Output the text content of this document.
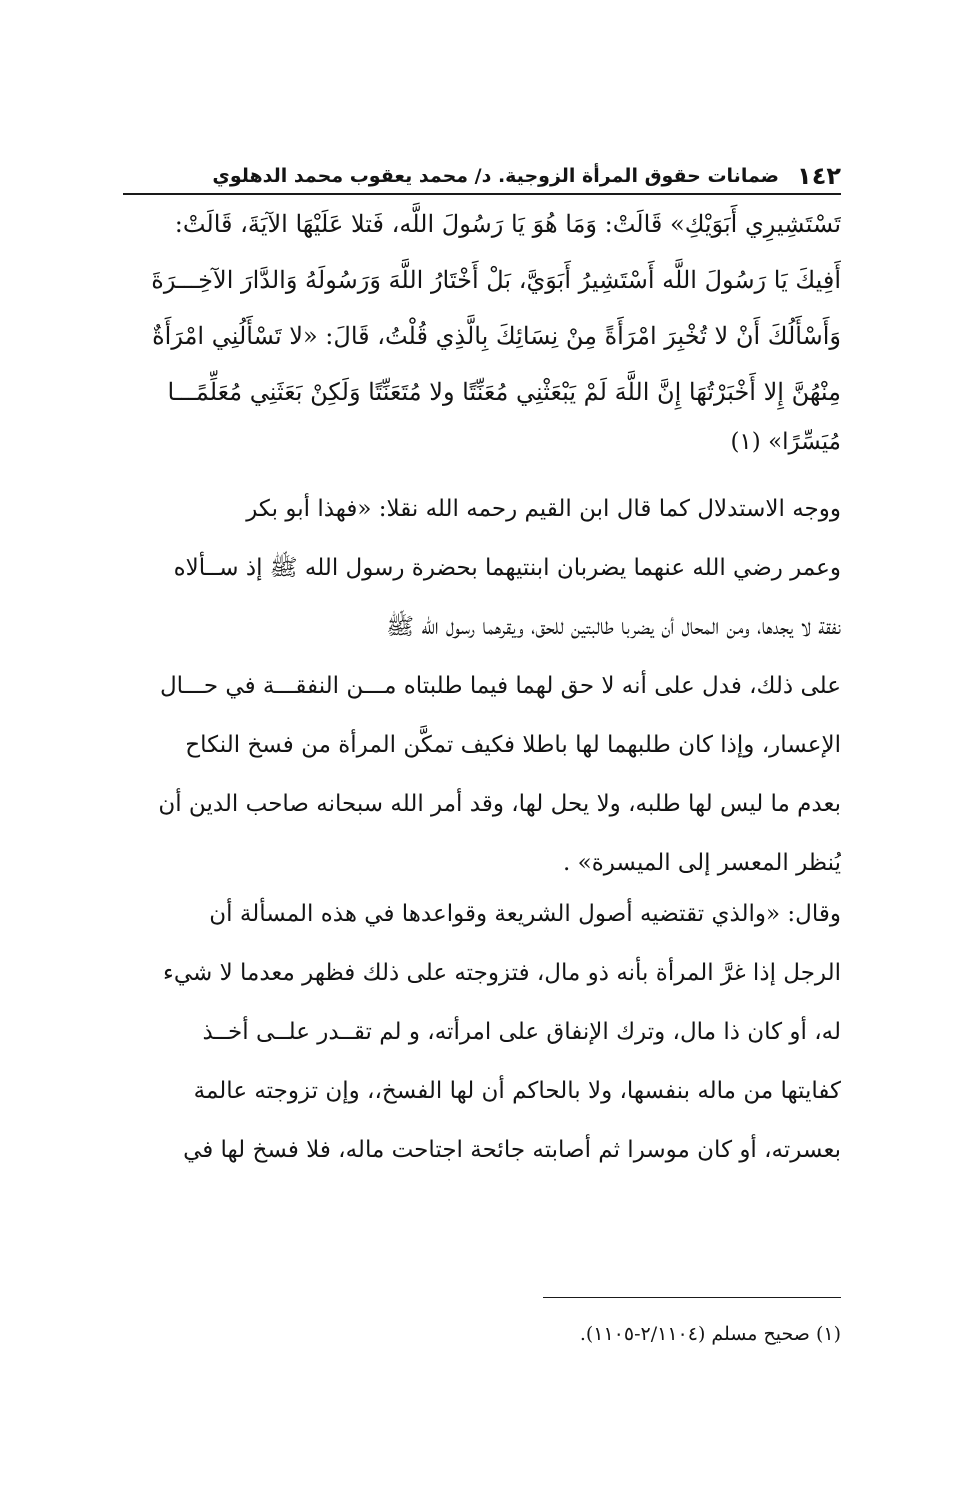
١٤٢
ضمانات حقوق المرأة الزوجية. د/ محمد يعقوب محمد الدهلوي
تَسْتَشِيرِي أَبَوَيْكِ» قَالَتْ: وَمَا هُوَ يَا رَسُولَ اللَّه، فَتلا عَلَيْهَا الآيَةَ، قَالَتْ:
أَفِيكَ يَا رَسُولَ اللَّه أَسْتَشِيرُ أَبَوَيَّ، بَلْ أَخْتَارُ اللَّهَ وَرَسُولَهُ وَالدَّارَ الآخِـــرَةَ
وَأَسْأَلُكَ أَنْ لا تُخْبِرَ امْرَأَةً مِنْ نِسَائِكَ بِالَّذِي قُلْتُ، قَالَ: «لا تَسْأَلُنِي امْرَأَةٌ
مِنْهُنَّ إِلا أَخْبَرْتُهَا إِنَّ اللَّهَ لَمْ يَبْعَثْنِي مُعَنِّتًا ولا مُتَعَنِّتًا وَلَكِنْ بَعَثَنِي مُعَلِّمًـــا
مُيَسِّرًا» (١)
ووجه الاستدلال كما قال ابن القيم رحمه الله نقلا: «فهذا أبو بكر
وعمر رضي الله عنهما يضربان ابنتيهما بحضرة رسول الله ﷺ إذ ســألاه
نفقة لا يجدها، ومن المحال أن يضربا طالبتين للحق، ويقرهما رسول الله ﷺ
على ذلك، فدل على أنه لا حق لهما فيما طلبتاه مـــن النفقـــة في حـــال
الإعسار، وإذا كان طلبهما لها باطلا فكيف تمكَّن المرأة من فسخ النكاح
بعدم ما ليس لها طلبه، ولا يحل لها، وقد أمر الله سبحانه صاحب الدين أن
يُنظر المعسر إلى الميسرة» .
وقال: «والذي تقتضيه أصول الشريعة وقواعدها في هذه المسألة أن
الرجل إذا غرَّ المرأة بأنه ذو مال، فتزوجته على ذلك فظهر معدما لا شيء
له، أو كان ذا مال، وترك الإنفاق على امرأته، و لم تقــدر علــى أخــذ
كفايتها من ماله بنفسها، ولا بالحاكم أن لها الفسخ،، وإن تزوجته عالمة
بعسرته، أو كان موسرا ثم أصابته جائحة اجتاحت ماله، فلا فسخ لها في
(١) صحيح مسلم (٢/١١٠٤-١١٠٥).
